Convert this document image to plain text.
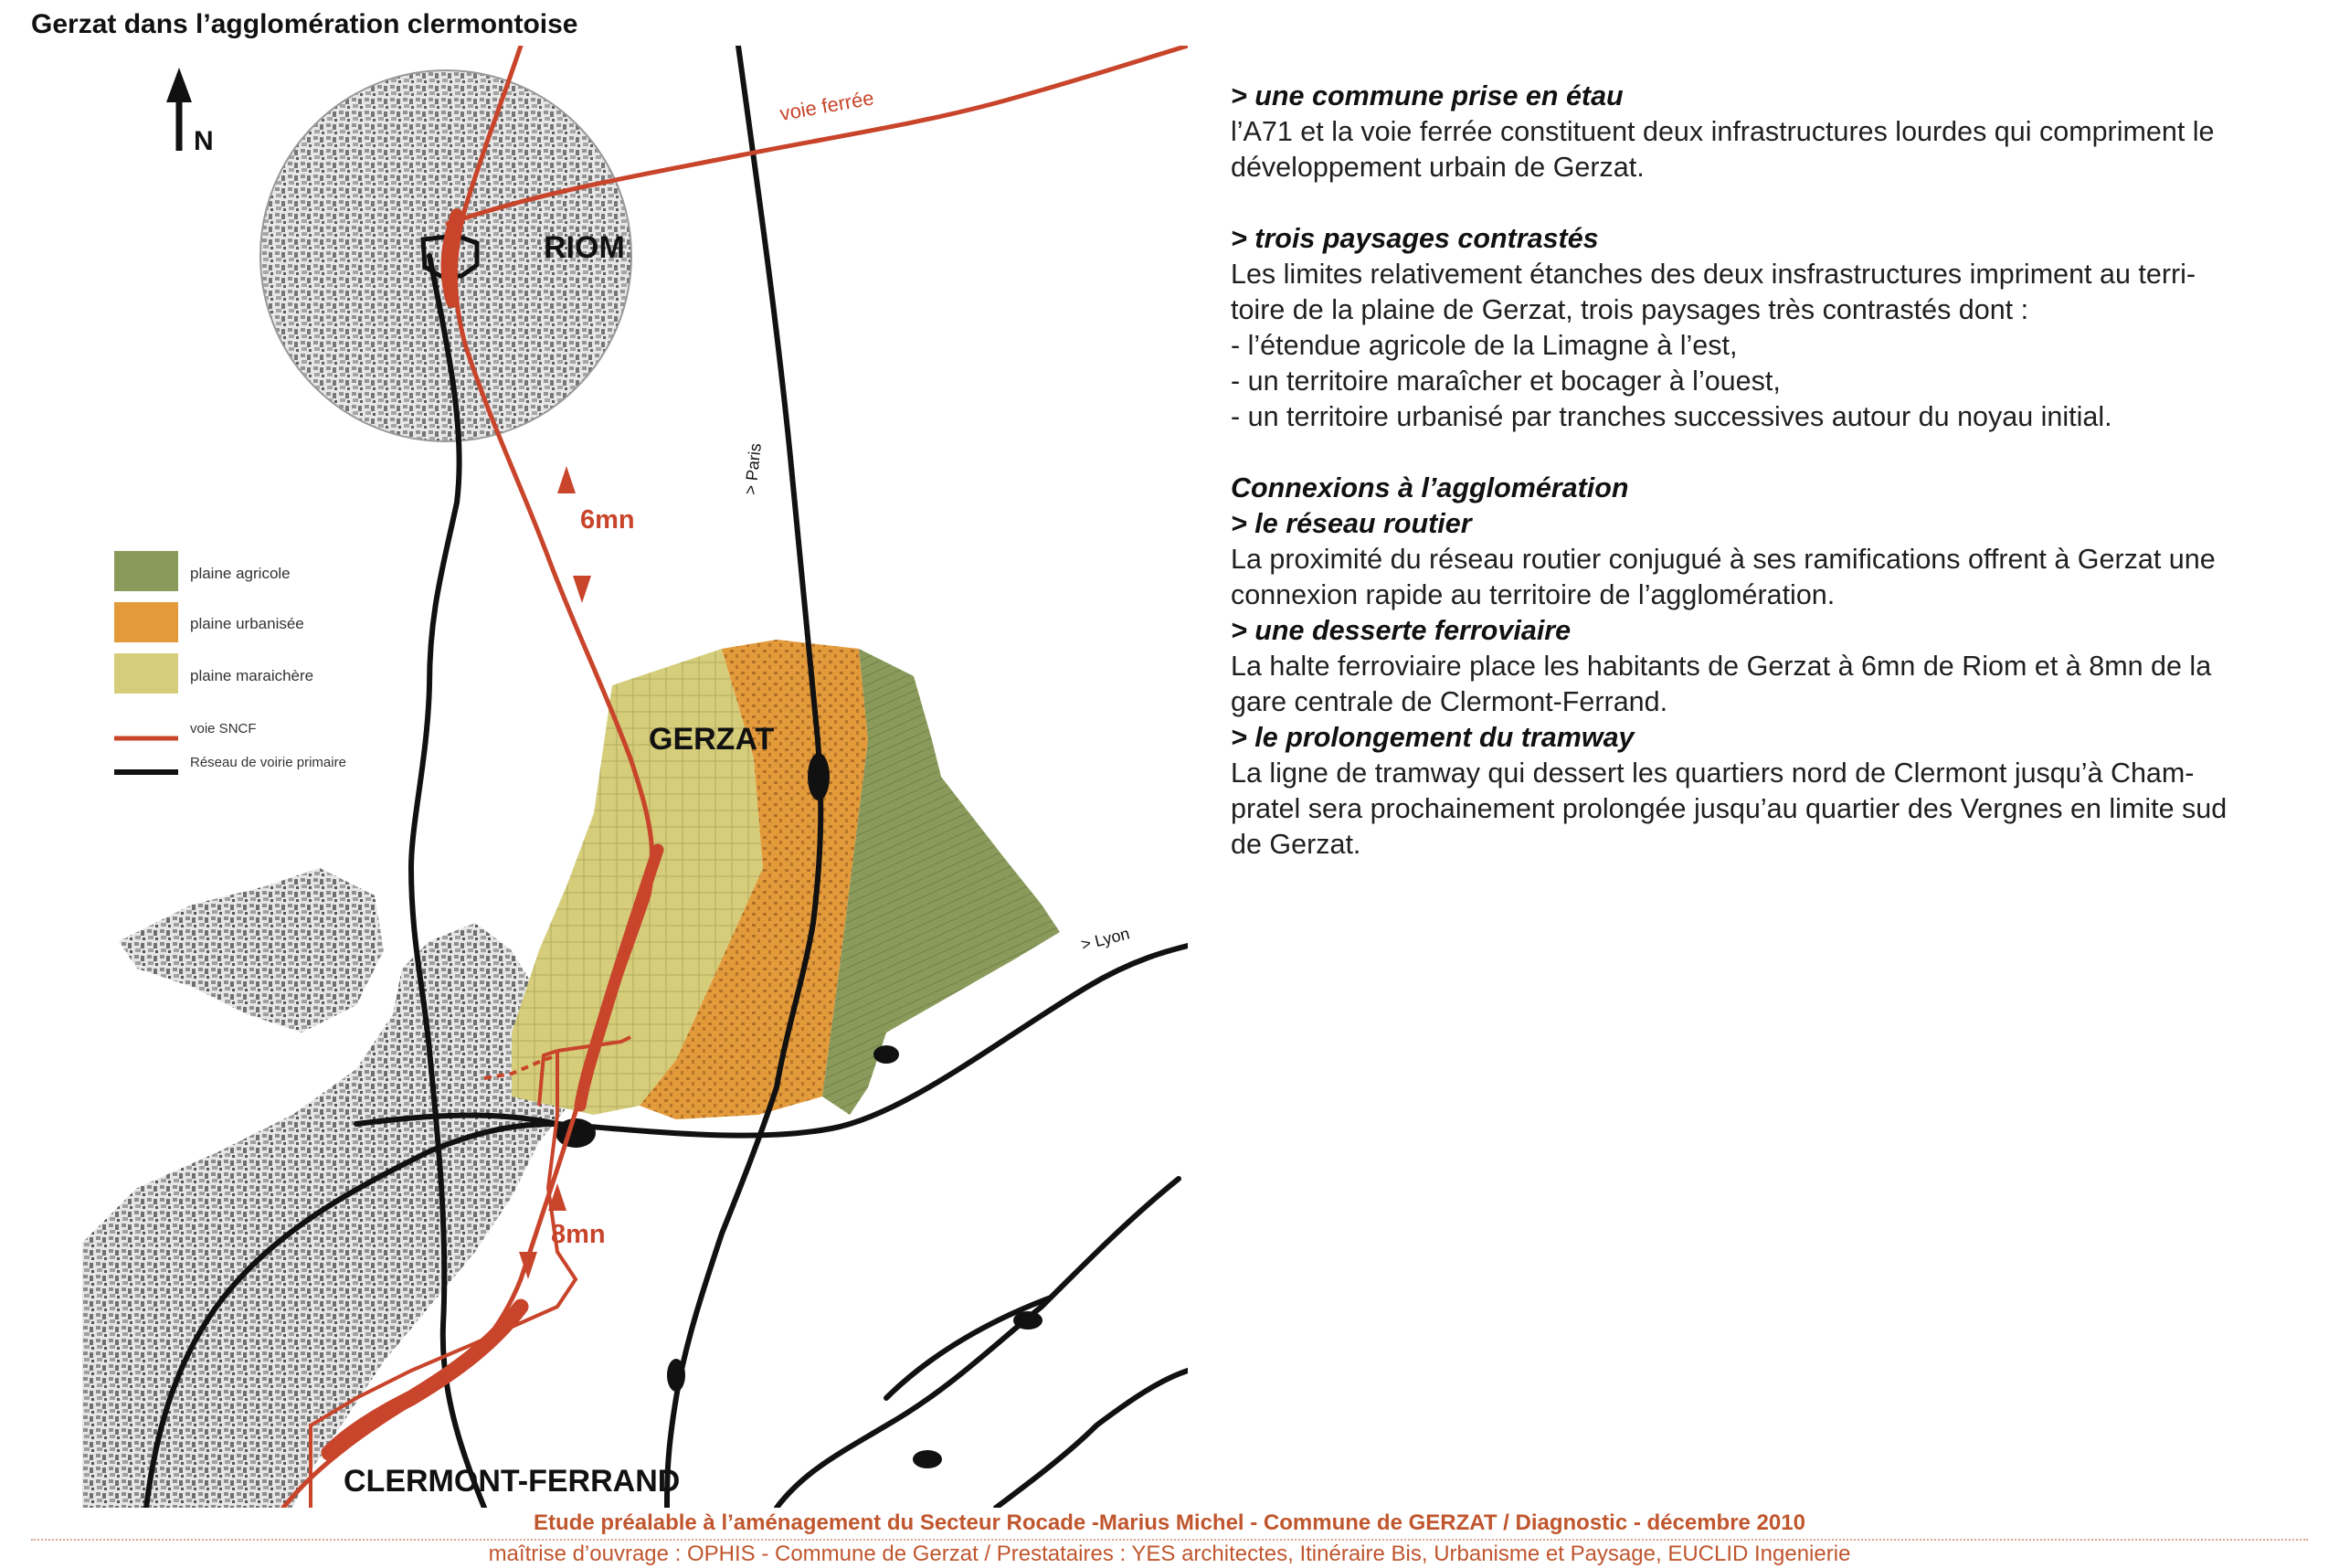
Gerzat dans l’agglomération clermontoise
N
RIOM
GERZAT
CLERMONT-FERRAND
voie ferrée
> Paris
> Lyon
6mn
8mn
plaine agricole
plaine urbanisée
plaine maraichère
voie SNCF
Réseau de voirie primaire
> une commune prise en étau

l’A71 et la voie ferrée constituent deux infrastructures lourdes qui compriment le

développement urbain de Gerzat.

> trois paysages contrastés

Les limites relativement étanches des deux insfrastructures impriment au terri-

toire de la plaine de Gerzat, trois paysages très contrastés dont :

- l’étendue agricole de la Limagne à l’est,

- un territoire maraîcher et bocager à l’ouest,

- un territoire urbanisé par tranches successives autour du noyau initial.

Connexions à l’agglomération
> le réseau routier

La proximité du réseau routier conjugué à ses ramifications offrent à Gerzat une

connexion rapide au territoire de l’agglomération.

> une desserte ferroviaire

La halte ferroviaire place les habitants de Gerzat à 6mn de Riom et à 8mn de la

gare centrale de Clermont-Ferrand.

> le prolongement du tramway

La ligne de tramway qui dessert les quartiers nord de Clermont jusqu’à Cham-

pratel sera prochainement prolongée jusqu’au quartier des Vergnes en limite sud

de Gerzat.

Etude préalable à l’aménagement du Secteur Rocade -Marius Michel - Commune de GERZAT / Diagnostic - décembre 2010
maîtrise d’ouvrage : OPHIS - Commune de Gerzat / Prestataires : YES architectes, Itinéraire Bis, Urbanisme et Paysage, EUCLID Ingenierie
